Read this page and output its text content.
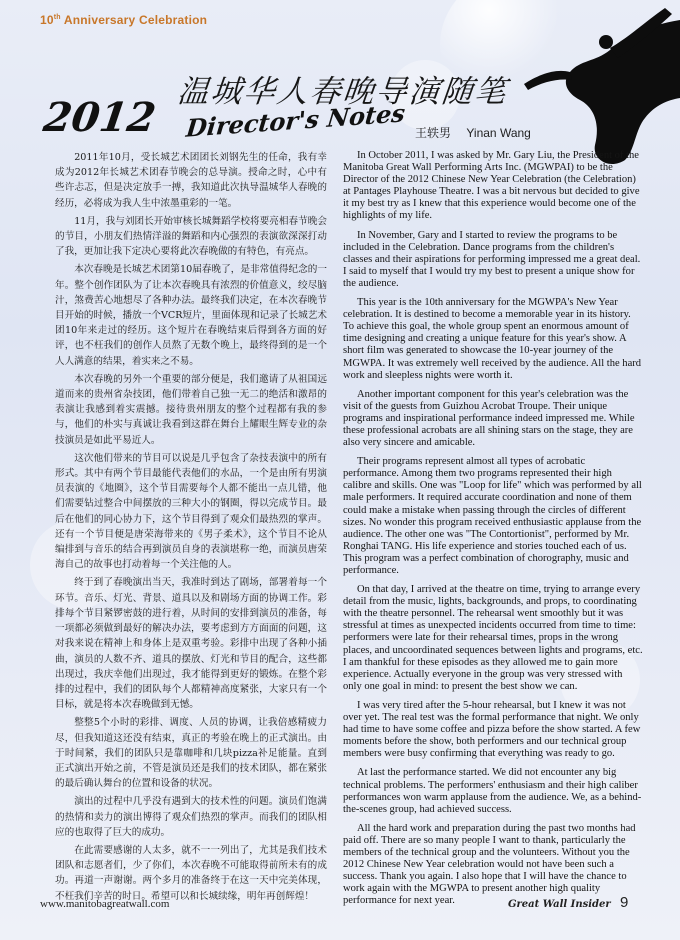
10th Anniversary Celebration
温城华人春晚导演随笔
2012 Director's Notes 王轶男 Yinan Wang

2011年10月，受长城艺术团团长刘钢先生的任命，我有幸成为2012年长城艺术团春节晚会的总导演。授命之时，心中有些许忐忑，但是决定放手一搏，我知道此次执导温城华人春晚的经历，必将成为我人生中浓墨重彩的一笔。

11月，我与刘团长开始审核长城舞蹈学校将要亮相春节晚会的节目，小朋友们热情洋溢的舞蹈和内心强烈的表演欲深深打动了我，更加让我下定决心要将此次春晚做的有特色，有亮点。

本次春晚是长城艺术团第10届春晚了，是非常值得纪念的一年。整个创作团队为了让本次春晚具有浓烈的价值意义，绞尽脑汁，煞费苦心地想尽了各种办法。最终我们决定，在本次春晚节目开始的时候，播放一个VCR短片，里面体现和记录了长城艺术团10年来走过的经历。这个短片在春晚结束后得到各方面的好评，也不枉我们的创作人员熬了无数个晚上，最终得到的是一个人人满意的结果，着实来之不易。

本次春晚的另外一个重要的部分便是，我们邀请了从祖国远道而来的贵州省杂技团，他们带着自己独一无二的绝活和激昂的表演让我感到着实震撼。接待贵州朋友的整个过程都有我的参与，他们的朴实与真诚让我看到这群在舞台上耀眼生辉专业的杂技演员是如此平易近人。

这次他们带来的节目可以说是几乎包含了杂技表演中的所有形式。其中有两个节目最能代表他们的水品，一个是由所有男演员表演的《地圈》，这个节目需要每个人都不能出一点儿错，他们需要钻过整合中间摆放的三种大小的钢圈，得以完成节目。最后在他们的同心协力下，这个节目得到了观众们最热烈的掌声。还有一个节目便是唐荣海带来的《男子柔术》，这个节目不论从编排到与音乐的结合再到演员自身的表演堪称一绝，而演员唐荣海自己的故事也打动着每一个关注他的人。

终于到了春晚演出当天，我准时到达了剧场，部署着每一个环节。音乐、灯光、背景、道具以及和剧场方面的协调工作。彩排每个节目紧锣密鼓的进行着，从时间的安排到演员的准备，每一项都必须做到最好的解决办法，要考虑到方方面面的问题，这对我来说在精神上和身体上是双重考验。彩排中出现了各种小插曲，演员的人数不齐、道具的摆放、灯光和节目的配合，这些都出现过，我庆幸他们出现过，我才能得到更好的锻炼。在整个彩排的过程中，我们的团队每个人都精神高度紧张，大家只有一个目标，就是将本次春晚做到无憾。

整整5个小时的彩排、调度、人员的协调，让我倍感精疲力尽，但我知道这还没有结束，真正的考验在晚上的正式演出。由于时间紧，我们的团队只是靠咖啡和几块pizza补足能量。直到正式演出开始之前，不管是演员还是我们的技术团队，都在紧张的最后确认舞台的位置和设备的状况。

演出的过程中几乎没有遇到大的技术性的问题。演员们饱满的热情和卖力的演出博得了观众们热烈的掌声。而我们的团队相应的也取得了巨大的成功。

在此需要感谢的人太多，就不一一列出了，尤其是我们技术团队和志愿者们，少了你们，本次春晚不可能取得前所未有的成功。再道一声谢谢。两个多月的准备终于在这一天中完美体现，不枉我们辛苦的时日。希望可以和长城续缘，明年再创辉煌！

In October 2011, I was asked by Mr. Gary Liu, the President of the Manitoba Great Wall Performing Arts Inc. (MGWPAI) to be the Director of the 2012 Chinese New Year Celebration (the Celebration) at Pantages Playhouse Theatre. I was a bit nervous but decided to give it my best try as I knew that this experience would become one of the highlights of my life.

In November, Gary and I started to review the programs to be included in the Celebration. Dance programs from the children's classes and their aspirations for performing impressed me a great deal. I said to myself that I would try my best to present a unique show for the audience.

This year is the 10th anniversary for the MGWPA's New Year celebration. It is destined to become a memorable year in its history. To achieve this goal, the whole group spent an enormous amount of time designing and creating a unique feature for this year's show. A short film was generated to showcase the 10-year journey of the MGWPA. It was extremely well received by the audience. All the hard work and sleepless nights were worth it.

Another important component for this year's celebration was the visit of the guests from Guizhou Acrobat Troupe. Their unique programs and inspirational performance indeed impressed me. While these professional acrobats are all shining stars on the stage, they are also very sincere and amicable.

Their programs represent almost all types of acrobatic performance. Among them two programs represented their high calibre and skills. One was "Loop for life" which was performed by all male performers. It required accurate coordination and none of them could make a mistake when passing through the circles of different sizes. No wonder this program received enthusiastic applause from the audience. The other one was "The Contortionist", performed by Mr. Ronghai TANG. His life experience and stories touched each of us. This program was a perfect combination of chorography, music and performance.

On that day, I arrived at the theatre on time, trying to arrange every detail from the music, lights, backgrounds, and props, to coordinating with the theatre personnel. The rehearsal went smoothly but it was stressful at times as unexpected incidents occurred from time to time: performers were late for their rehearsal times, props in the wrong places, and uncoordinated sequences between lights and programs, etc. I am thankful for these episodes as they allowed me to gain more experience. Actually everyone in the group was very stressed with only one goal in mind: to present the best show we can.

I was very tired after the 5-hour rehearsal, but I knew it was not over yet. The real test was the formal performance that night. We only had time to have some coffee and pizza before the show started. A few moments before the show, both performers and our technical group members were busy confirming that everything was ready to go.

At last the performance started. We did not encounter any big technical problems. The performers' enthusiasm and their high caliber performances won warm applause from the audience. We, as a behind-the-scenes group, had achieved success.

All the hard work and preparation during the past two months had paid off. There are so many people I want to thank, particularly the members of the technical group and the volunteers. Without you the 2012 Chinese New Year celebration would not have been such a success. Thank you again. I also hope that I will have the chance to work again with the MGWPA to present another high quality performance for next year.

www.manitobagreatwall.com	Great Wall Insider 9
